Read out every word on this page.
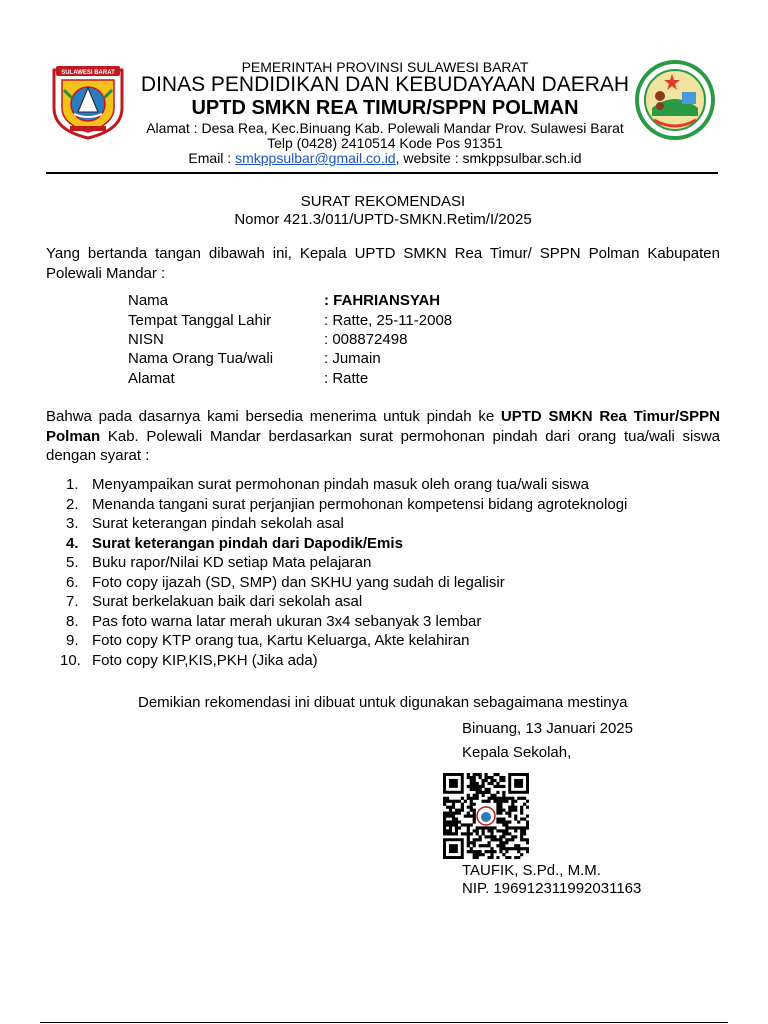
SULAWESI BARAT	PEMERINTAH PROVINSI SULAWESI BARAT
DINAS PENDIDIKAN DAN KEBUDAYAAN DAERAH
UPTD SMKN REA TIMUR/SPPN POLMAN
Alamat : Desa Rea, Kec.Binuang Kab. Polewali Mandar Prov. Sulawesi Barat
Telp (0428) 2410514 Kode Pos 91351
Email : smkppsulbar@gmail.co.id, website : smkppsulbar.sch.id
SURAT REKOMENDASI
Nomor 421.3/011/UPTD-SMKN.Retim/I/2025
Yang bertanda tangan dibawah ini, Kepala UPTD SMKN Rea Timur/ SPPN Polman Kabupaten Polewali Mandar :
Nama	: FAHRIANSYAH
Tempat Tanggal Lahir	: Ratte, 25-11-2008
NISN	: 008872498
Nama Orang Tua/wali	: Jumain
Alamat	: Ratte
Bahwa pada dasarnya kami bersedia menerima untuk pindah ke UPTD SMKN Rea Timur/SPPN Polman Kab. Polewali Mandar berdasarkan surat permohonan pindah dari orang tua/wali siswa dengan syarat :
1. Menyampaikan surat permohonan pindah masuk oleh orang tua/wali siswa
2. Menanda tangani surat perjanjian permohonan kompetensi bidang agroteknologi
3. Surat keterangan pindah sekolah asal
4. Surat keterangan pindah dari Dapodik/Emis
5. Buku rapor/Nilai KD setiap Mata pelajaran
6. Foto copy ijazah (SD, SMP) dan SKHU yang sudah di legalisir
7. Surat berkelakuan baik dari sekolah asal
8. Pas foto warna latar merah ukuran 3x4 sebanyak 3 lembar
9. Foto copy KTP orang tua, Kartu Keluarga, Akte kelahiran
10. Foto copy KIP,KIS,PKH (Jika ada)
Demikian rekomendasi ini dibuat untuk digunakan sebagaimana mestinya
Binuang, 13 Januari 2025
Kepala Sekolah,
TAUFIK, S.Pd., M.M.
NIP. 196912311992031163
